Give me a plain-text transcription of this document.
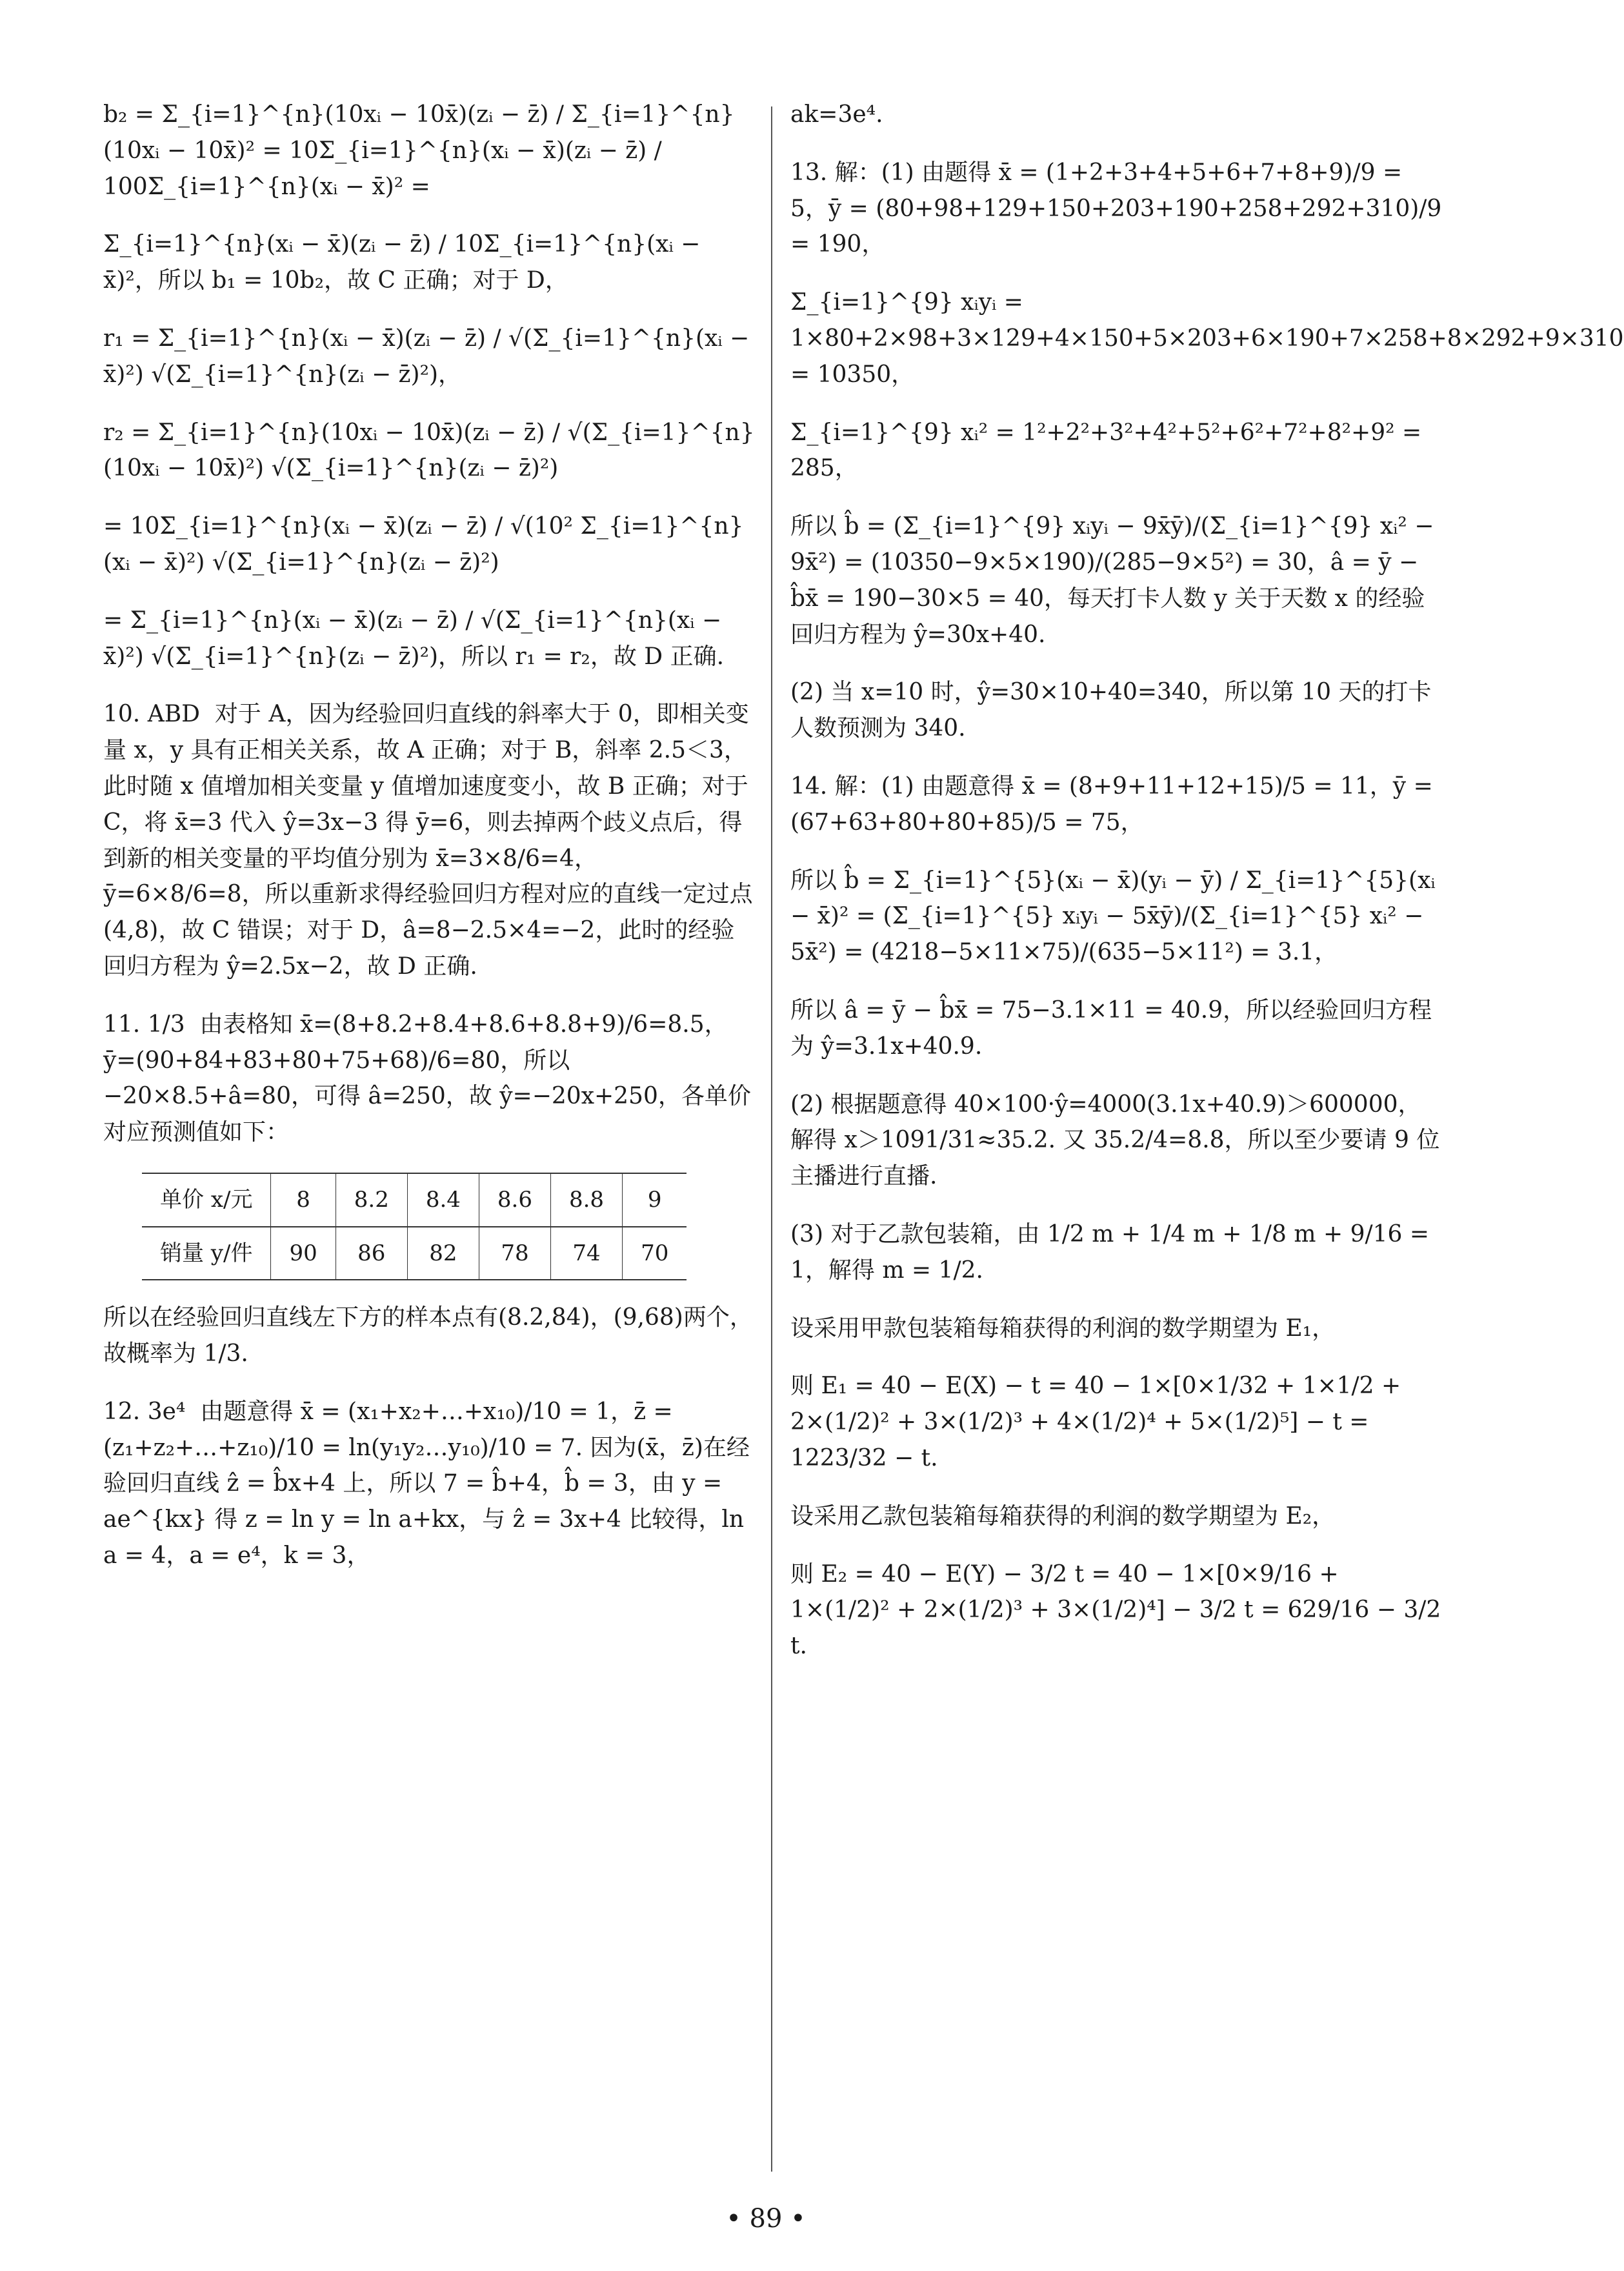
b₂ = Σ_{i=1}^{n}(10xᵢ − 10x̄)(zᵢ − z̄) / Σ_{i=1}^{n}(10xᵢ − 10x̄)² = 10Σ_{i=1}^{n}(xᵢ − x̄)(zᵢ − z̄) / 100Σ_{i=1}^{n}(xᵢ − x̄)² =
Σ_{i=1}^{n}(xᵢ − x̄)(zᵢ − z̄) / 10Σ_{i=1}^{n}(xᵢ − x̄)²，所以 b₁ = 10b₂，故 C 正确；对于 D，
r₁ = Σ_{i=1}^{n}(xᵢ − x̄)(zᵢ − z̄) / √(Σ_{i=1}^{n}(xᵢ − x̄)²) √(Σ_{i=1}^{n}(zᵢ − z̄)²)，
r₂ = Σ_{i=1}^{n}(10xᵢ − 10x̄)(zᵢ − z̄) / √(Σ_{i=1}^{n}(10xᵢ − 10x̄)²) √(Σ_{i=1}^{n}(zᵢ − z̄)²)
= 10Σ_{i=1}^{n}(xᵢ − x̄)(zᵢ − z̄) / √(10² Σ_{i=1}^{n}(xᵢ − x̄)²) √(Σ_{i=1}^{n}(zᵢ − z̄)²)
= Σ_{i=1}^{n}(xᵢ − x̄)(zᵢ − z̄) / √(Σ_{i=1}^{n}(xᵢ − x̄)²) √(Σ_{i=1}^{n}(zᵢ − z̄)²)，所以 r₁ = r₂，故 D 正确.
10. ABD  对于 A，因为经验回归直线的斜率大于 0，即相关变量 x，y 具有正相关关系，故 A 正确；对于 B，斜率 2.5＜3，此时随 x 值增加相关变量 y 值增加速度变小，故 B 正确；对于 C，将 x̄=3 代入 ŷ=3x−3 得 ȳ=6，则去掉两个歧义点后，得到新的相关变量的平均值分别为 x̄=3×8/6=4，ȳ=6×8/6=8，所以重新求得经验回归方程对应的直线一定过点(4,8)，故 C 错误；对于 D，â=8−2.5×4=−2，此时的经验回归方程为 ŷ=2.5x−2，故 D 正确.
11. 1/3  由表格知 x̄=(8+8.2+8.4+8.6+8.8+9)/6=8.5，ȳ=(90+84+83+80+75+68)/6=80，所以 −20×8.5+â=80，可得 â=250，故 ŷ=−20x+250，各单价对应预测值如下：
单价 x/元	8	8.2	8.4	8.6	8.8	9
销量 y/件	90	86	82	78	74	70
所以在经验回归直线左下方的样本点有(8.2,84)，(9,68)两个，故概率为 1/3.
12. 3e⁴  由题意得 x̄ = (x₁+x₂+…+x₁₀)/10 = 1，z̄ = (z₁+z₂+…+z₁₀)/10 = ln(y₁y₂…y₁₀)/10 = 7. 因为(x̄，z̄)在经验回归直线 ẑ = b̂x+4 上，所以 7 = b̂+4，b̂ = 3，由 y = ae^{kx} 得 z = ln y = ln a+kx，与 ẑ = 3x+4 比较得，ln a = 4，a = e⁴，k = 3，
ak=3e⁴.
13. 解：(1) 由题得 x̄ = (1+2+3+4+5+6+7+8+9)/9 = 5，ȳ = (80+98+129+150+203+190+258+292+310)/9 = 190，
Σ_{i=1}^{9} xᵢyᵢ = 1×80+2×98+3×129+4×150+5×203+6×190+7×258+8×292+9×310 = 10350，
Σ_{i=1}^{9} xᵢ² = 1²+2²+3²+4²+5²+6²+7²+8²+9² = 285，
所以 b̂ = (Σ_{i=1}^{9} xᵢyᵢ − 9x̄ȳ)/(Σ_{i=1}^{9} xᵢ² − 9x̄²) = (10350−9×5×190)/(285−9×5²) = 30，â = ȳ − b̂x̄ = 190−30×5 = 40，每天打卡人数 y 关于天数 x 的经验回归方程为 ŷ=30x+40.
(2) 当 x=10 时，ŷ=30×10+40=340，所以第 10 天的打卡人数预测为 340.
14. 解：(1) 由题意得 x̄ = (8+9+11+12+15)/5 = 11，ȳ = (67+63+80+80+85)/5 = 75，
所以 b̂ = Σ_{i=1}^{5}(xᵢ − x̄)(yᵢ − ȳ) / Σ_{i=1}^{5}(xᵢ − x̄)² = (Σ_{i=1}^{5} xᵢyᵢ − 5x̄ȳ)/(Σ_{i=1}^{5} xᵢ² − 5x̄²) = (4218−5×11×75)/(635−5×11²) = 3.1，
所以 â = ȳ − b̂x̄ = 75−3.1×11 = 40.9，所以经验回归方程为 ŷ=3.1x+40.9.
(2) 根据题意得 40×100·ŷ=4000(3.1x+40.9)＞600000，解得 x＞1091/31≈35.2. 又 35.2/4=8.8，所以至少要请 9 位主播进行直播.
(3) 对于乙款包装箱，由 1/2 m + 1/4 m + 1/8 m + 9/16 = 1，解得 m = 1/2.
设采用甲款包装箱每箱获得的利润的数学期望为 E₁，
则 E₁ = 40 − E(X) − t = 40 − 1×[0×1/32 + 1×1/2 + 2×(1/2)² + 3×(1/2)³ + 4×(1/2)⁴ + 5×(1/2)⁵] − t = 1223/32 − t.
设采用乙款包装箱每箱获得的利润的数学期望为 E₂，
则 E₂ = 40 − E(Y) − 3/2 t = 40 − 1×[0×9/16 + 1×(1/2)² + 2×(1/2)³ + 3×(1/2)⁴] − 3/2 t = 629/16 − 3/2 t.
• 89 •
